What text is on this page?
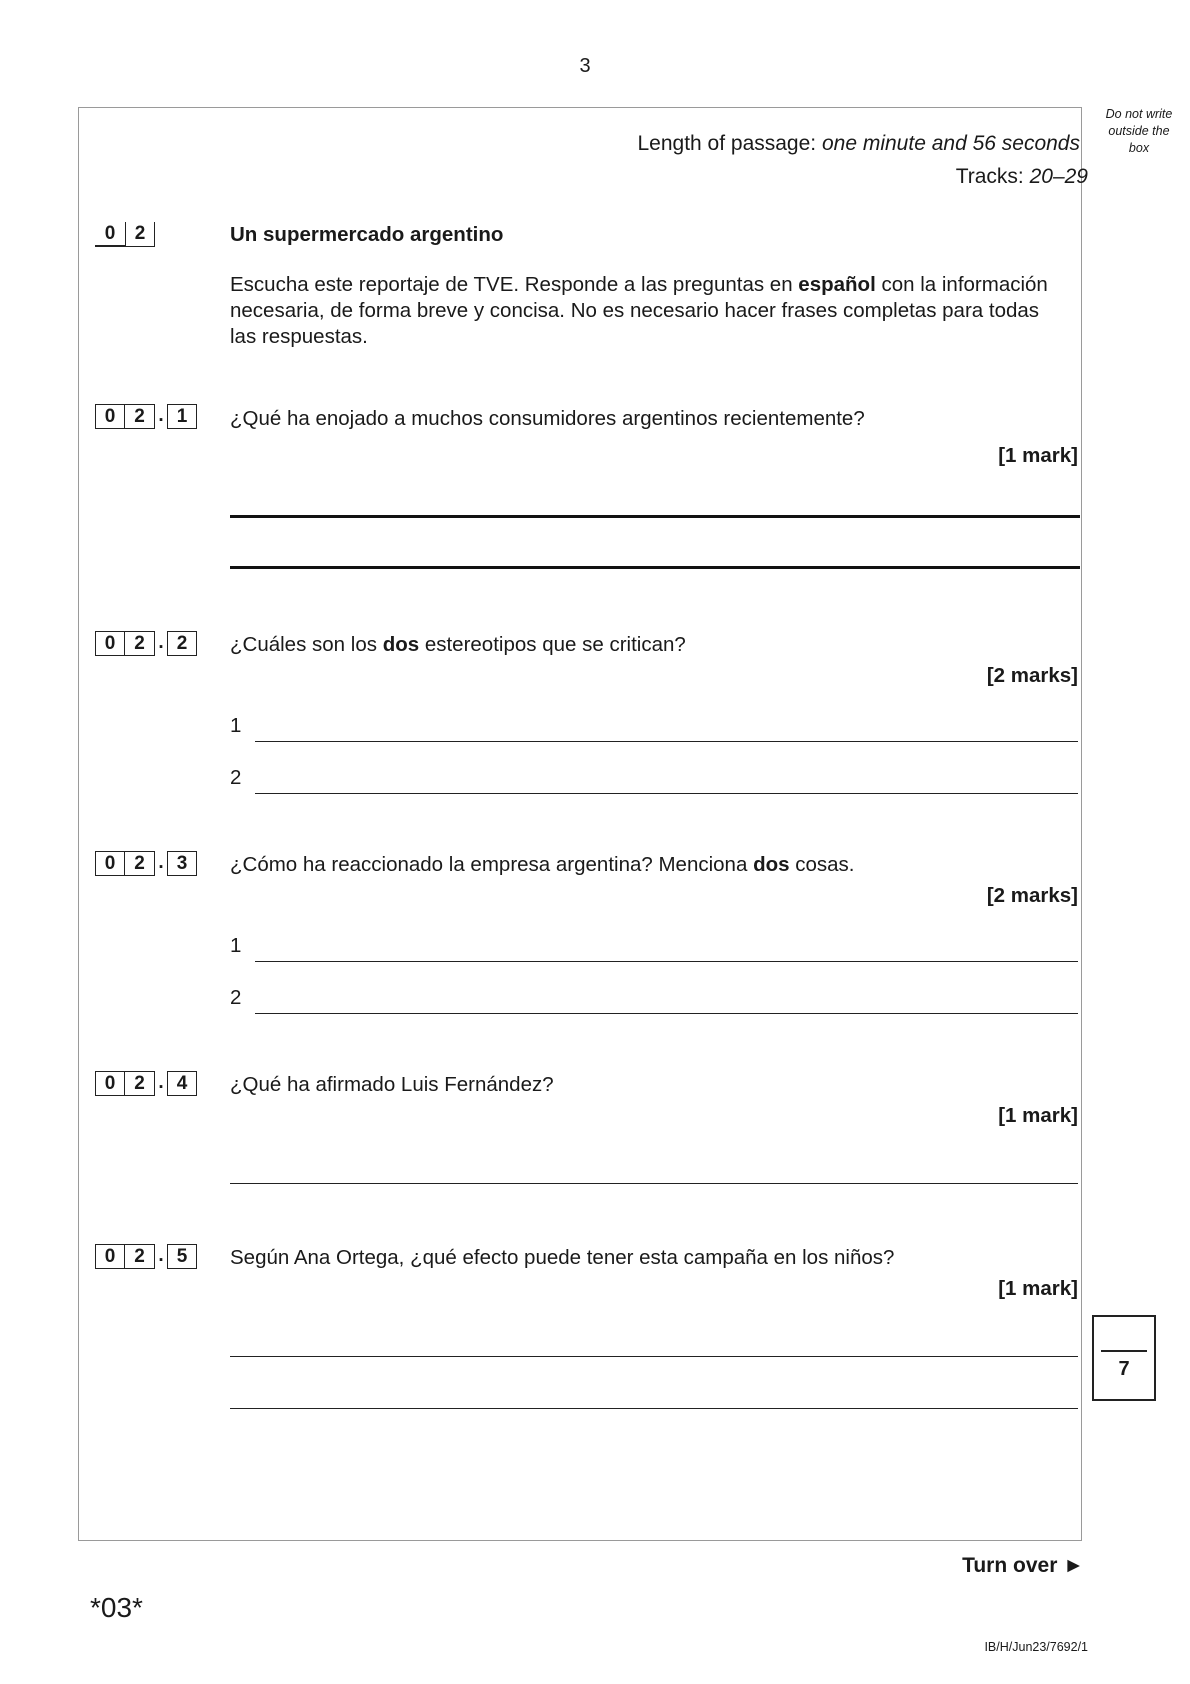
3
Do not write
outside the
box
Length of passage: one minute and 56 seconds
Tracks: 20–29
0	2	Un supermercado argentino
Escucha este reportaje de TVE. Responde a las preguntas en español con la información necesaria, de forma breve y concisa. No es necesario hacer frases completas para todas las respuestas.
0 2 . 1	¿Qué ha enojado a muchos consumidores argentinos recientemente?
[1 mark]
0 2 . 2	¿Cuáles son los dos estereotipos que se critican?
[2 marks]
1
2
0 2 . 3	¿Cómo ha reaccionado la empresa argentina? Menciona dos cosas.
[2 marks]
1
2
0 2 . 4	¿Qué ha afirmado Luis Fernández?
[1 mark]
0 2 . 5	Según Ana Ortega, ¿qué efecto puede tener esta campaña en los niños?
[1 mark]
7
Turn over ►
*03*
IB/H/Jun23/7692/1
